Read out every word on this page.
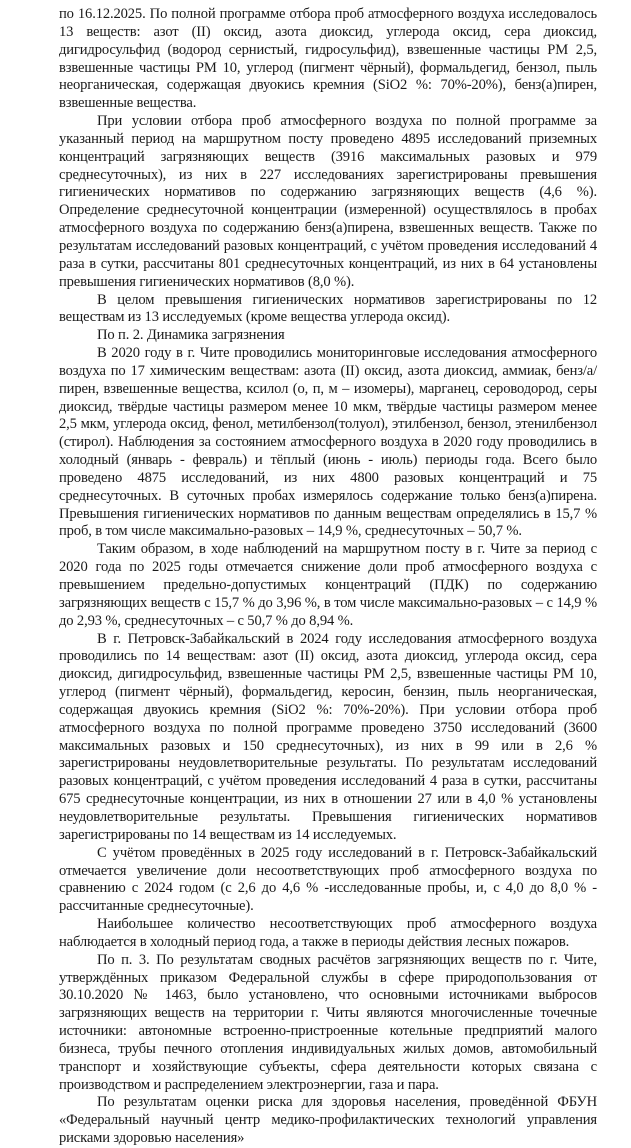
по 16.12.2025. По полной программе отбора проб атмосферного воздуха исследовалось 13 веществ: азот (II) оксид, азота диоксид, углерода оксид, сера диоксид, дигидросульфид (водород сернистый, гидросульфид), взвешенные частицы РМ 2,5, взвешенные частицы РМ 10, углерод (пигмент чёрный), формальдегид, бензол, пыль неорганическая, содержащая двуокись кремния (SiO2 %: 70%-20%), бенз(а)пирен, взвешенные вещества.

При условии отбора проб атмосферного воздуха по полной программе за указанный период на маршрутном посту проведено 4895 исследований приземных концентраций загрязняющих веществ (3916 максимальных разовых и 979 среднесуточных), из них в 227 исследованиях зарегистрированы превышения гигиенических нормативов по содержанию загрязняющих веществ (4,6 %). Определение среднесуточной концентрации (измеренной) осуществлялось в пробах атмосферного воздуха по содержанию бенз(а)пирена, взвешенных веществ. Также по результатам исследований разовых концентраций, с учётом проведения исследований 4 раза в сутки, рассчитаны 801 среднесуточных концентраций, из них в 64 установлены превышения гигиенических нормативов (8,0 %).

В целом превышения гигиенических нормативов зарегистрированы по 12 веществам из 13 исследуемых (кроме вещества углерода оксид).

По п. 2. Динамика загрязнения

В 2020 году в г. Чите проводились мониторинговые исследования атмосферного воздуха по 17 химическим веществам: азота (II) оксид, азота диоксид, аммиак, бенз/а/пирен, взвешенные вещества, ксилол (о, п, м – изомеры), марганец, сероводород, серы диоксид, твёрдые частицы размером менее 10 мкм, твёрдые частицы размером менее 2,5 мкм, углерода оксид, фенол, метилбензол(толуол), этилбензол, бензол, этенилбензол (стирол). Наблюдения за состоянием атмосферного воздуха в 2020 году проводились в холодный (январь - февраль) и тёплый (июнь - июль) периоды года. Всего было проведено 4875 исследований, из них 4800 разовых концентраций и 75 среднесуточных. В суточных пробах измерялось содержание только бенз(а)пирена. Превышения гигиенических нормативов по данным веществам определялись в 15,7 % проб, в том числе максимально-разовых – 14,9 %, среднесуточных – 50,7 %.

Таким образом, в ходе наблюдений на маршрутном посту в г. Чите за период с 2020 года по 2025 годы отмечается снижение доли проб атмосферного воздуха с превышением предельно-допустимых концентраций (ПДК) по содержанию загрязняющих веществ с 15,7 % до 3,96 %, в том числе максимально-разовых – с 14,9 % до 2,93 %, среднесуточных – с 50,7 % до 8,94 %.

В г. Петровск-Забайкальский в 2024 году исследования атмосферного воздуха проводились по 14 веществам: азот (II) оксид, азота диоксид, углерода оксид, сера диоксид, дигидросульфид, взвешенные частицы РМ 2,5, взвешенные частицы РМ 10, углерод (пигмент чёрный), формальдегид, керосин, бензин, пыль неорганическая, содержащая двуокись кремния (SiO2 %: 70%-20%). При условии отбора проб атмосферного воздуха по полной программе проведено 3750 исследований (3600 максимальных разовых и 150 среднесуточных), из них в 99 или в 2,6 % зарегистрированы неудовлетворительные результаты. По результатам исследований разовых концентраций, с учётом проведения исследований 4 раза в сутки, рассчитаны 675 среднесуточные концентрации, из них в отношении 27 или в 4,0 % установлены неудовлетворительные результаты. Превышения гигиенических нормативов зарегистрированы по 14 веществам из 14 исследуемых.

С учётом проведённых в 2025 году исследований в г. Петровск-Забайкальский отмечается увеличение доли несоответствующих проб атмосферного воздуха по сравнению с 2024 годом (с 2,6 до 4,6 % -исследованные пробы, и, с 4,0 до 8,0 % - рассчитанные среднесуточные).

Наибольшее количество несоответствующих проб атмосферного воздуха наблюдается в холодный период года, а также в периоды действия лесных пожаров.

По п. 3. По результатам сводных расчётов загрязняющих веществ по г. Чите, утверждённых приказом Федеральной службы в сфере природопользования от 30.10.2020 № 1463, было установлено, что основными источниками выбросов загрязняющих веществ на территории г. Читы являются многочисленные точечные источники: автономные встроенно-пристроенные котельные предприятий малого бизнеса, трубы печного отопления индивидуальных жилых домов, автомобильный транспорт и хозяйствующие субъекты, сфера деятельности которых связана с производством и распределением электроэнергии, газа и пара.

По результатам оценки риска для здоровья населения, проведённой ФБУН «Федеральный научный центр медико-профилактических технологий управления рисками здоровью населения»
